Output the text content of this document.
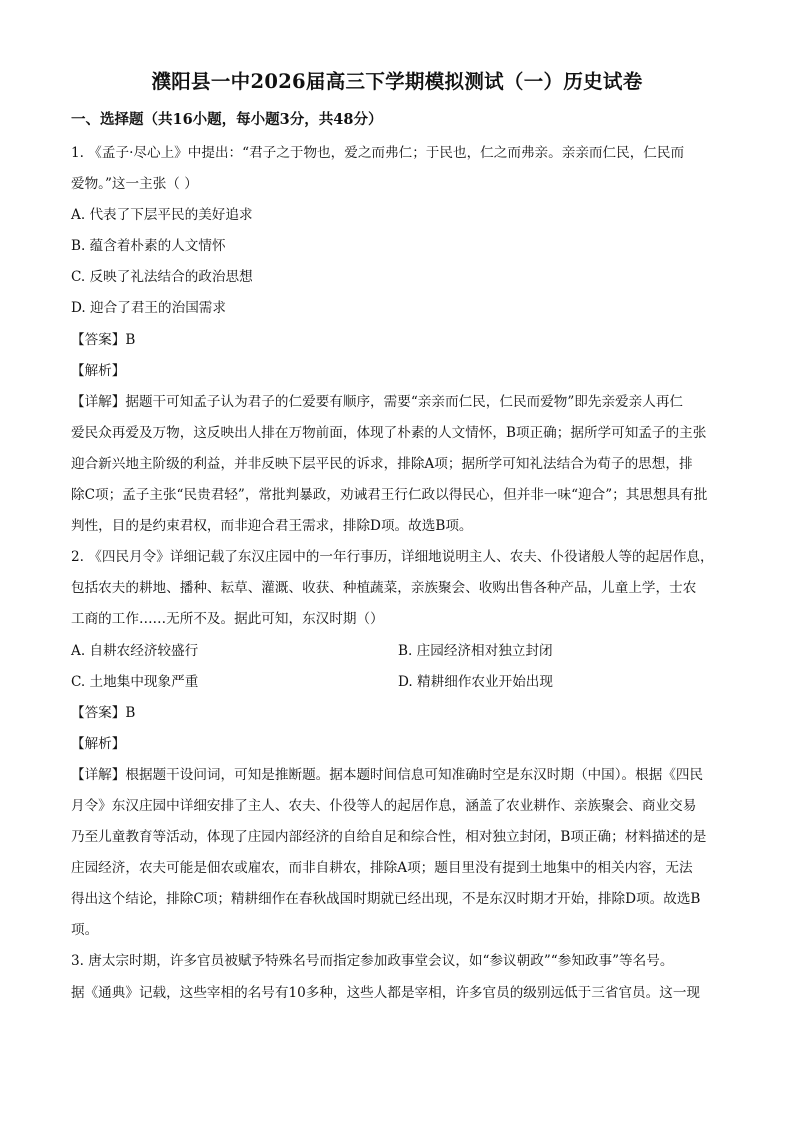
濮阳县一中2026届高三下学期模拟测试（一）历史试卷
一、选择题（共16小题，每小题3分，共48分）
1. 《孟子·尽心上》中提出：“君子之于物也，爱之而弗仁；于民也，仁之而弗亲。亲亲而仁民，仁民而
爱物。”这一主张（ ）
A. 代表了下层平民的美好追求
B. 蕴含着朴素的人文情怀
C. 反映了礼法结合的政治思想
D. 迎合了君王的治国需求
【答案】B
【解析】
【详解】据题干可知孟子认为君子的仁爱要有顺序，需要“亲亲而仁民，仁民而爱物”即先亲爱亲人再仁
爱民众再爱及万物，这反映出人排在万物前面，体现了朴素的人文情怀，B项正确；据所学可知孟子的主张
迎合新兴地主阶级的利益，并非反映下层平民的诉求，排除A项；据所学可知礼法结合为荀子的思想，排
除C项；孟子主张“民贵君轻”，常批判暴政，劝诫君王行仁政以得民心，但并非一味“迎合”；其思想具有批
判性，目的是约束君权，而非迎合君王需求，排除D项。故选B项。
2. 《四民月令》详细记载了东汉庄园中的一年行事历，详细地说明主人、农夫、仆役诸般人等的起居作息，
包括农夫的耕地、播种、耘草、灌溉、收获、种植蔬菜，亲族聚会、收购出售各种产品，儿童上学，士农
工商的工作……无所不及。据此可知，东汉时期（）
A. 自耕农经济较盛行	B. 庄园经济相对独立封闭
C. 土地集中现象严重	D. 精耕细作农业开始出现
【答案】B
【解析】
【详解】根据题干设问词，可知是推断题。据本题时间信息可知准确时空是东汉时期（中国）。根据《四民
月令》东汉庄园中详细安排了主人、农夫、仆役等人的起居作息，涵盖了农业耕作、亲族聚会、商业交易
乃至儿童教育等活动，体现了庄园内部经济的自给自足和综合性，相对独立封闭，B项正确；材料描述的是
庄园经济，农夫可能是佃农或雇农，而非自耕农，排除A项；题目里没有提到土地集中的相关内容，无法
得出这个结论，排除C项；精耕细作在春秋战国时期就已经出现，不是东汉时期才开始，排除D项。故选B
项。
3. 唐太宗时期，许多官员被赋予特殊名号而指定参加政事堂会议，如“参议朝政”“参知政事”等名号。
据《通典》记载，这些宰相的名号有10多种，这些人都是宰相，许多官员的级别远低于三省官员。这一现
